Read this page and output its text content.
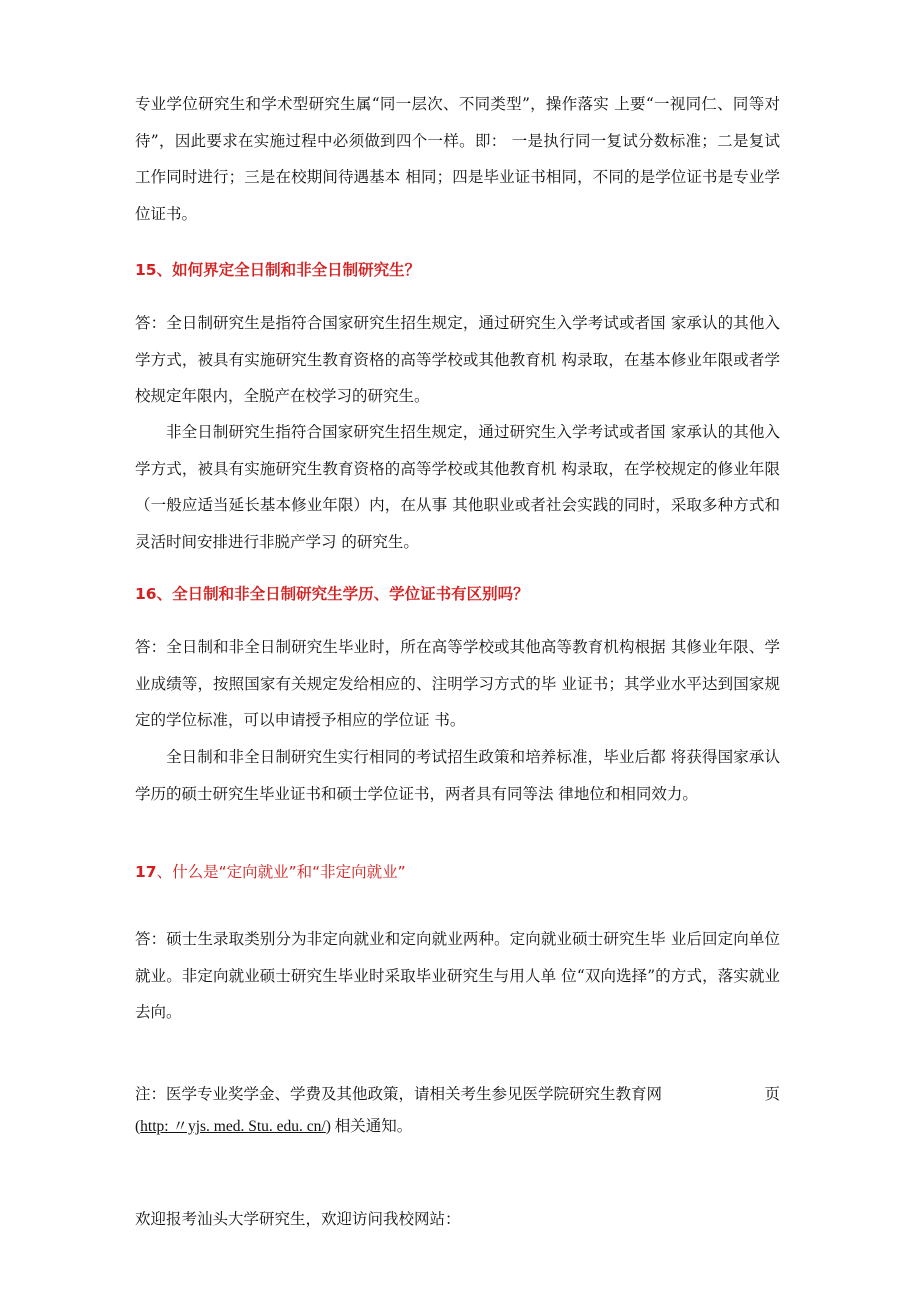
专业学位研究生和学术型研究生属“同一层次、不同类型”，操作落实 上要“一视同仁、同等对待”，因此要求在实施过程中必须做到四个一样。即： 一是执行同一复试分数标准；二是复试工作同时进行；三是在校期间待遇基本 相同；四是毕业证书相同，不同的是学位证书是专业学位证书。

15、如何界定全日制和非全日制研究生？

答：全日制研究生是指符合国家研究生招生规定，通过研究生入学考试或者国 家承认的其他入学方式，被具有实施研究生教育资格的高等学校或其他教育机 构录取，在基本修业年限或者学校规定年限内，全脱产在校学习的研究生。

非全日制研究生指符合国家研究生招生规定，通过研究生入学考试或者国 家承认的其他入学方式，被具有实施研究生教育资格的高等学校或其他教育机 构录取，在学校规定的修业年限（一般应适当延长基本修业年限）内，在从事 其他职业或者社会实践的同时，采取多种方式和灵活时间安排进行非脱产学习 的研究生。

16、全日制和非全日制研究生学历、学位证书有区别吗？

答：全日制和非全日制研究生毕业时，所在高等学校或其他高等教育机构根据 其修业年限、学业成绩等，按照国家有关规定发给相应的、注明学习方式的毕 业证书；其学业水平达到国家规定的学位标准，可以申请授予相应的学位证 书。

全日制和非全日制研究生实行相同的考试招生政策和培养标准，毕业后都 将获得国家承认学历的硕士研究生毕业证书和硕士学位证书，两者具有同等法 律地位和相同效力。

17、什么是“定向就业”和“非定向就业”

答：硕士生录取类别分为非定向就业和定向就业两种。定向就业硕士研究生毕 业后回定向单位就业。非定向就业硕士研究生毕业时采取毕业研究生与用人单 位“双向选择”的方式，落实就业去向。

注：医学专业奖学金、学费及其他政策，请相关考生参见医学院研究生教育网	页
(http: 〃yjs. med. Stu. edu. cn/) 相关通知。
欢迎报考汕头大学研究生，欢迎访问我校网站：
